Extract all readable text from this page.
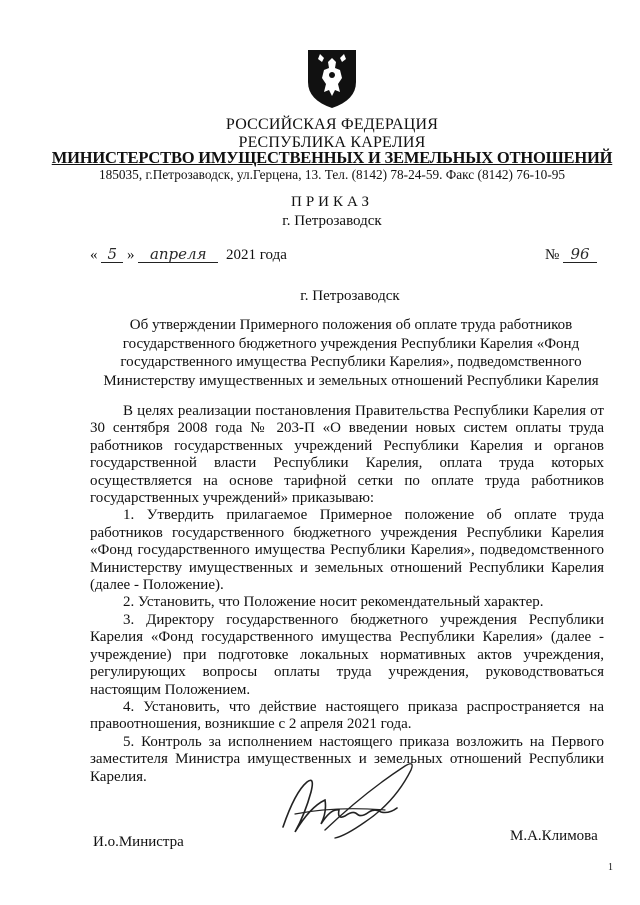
РОССИЙСКАЯ ФЕДЕРАЦИЯ
РЕСПУБЛИКА КАРЕЛИЯ
МИНИСТЕРСТВО ИМУЩЕСТВЕННЫХ И ЗЕМЕЛЬНЫХ ОТНОШЕНИЙ
185035, г.Петрозаводск, ул.Герцена, 13. Тел. (8142) 78-24-59. Факс (8142) 76-10-95
ПРИКАЗ
г. Петрозаводск
« 5 » апреля 2021 года	№ 96
г. Петрозаводск
Об утверждении Примерного положения об оплате труда работников государственного бюджетного учреждения Республики Карелия «Фонд государственного имущества Республики Карелия», подведомственного Министерству имущественных и земельных отношений Республики Карелия

В целях реализации постановления Правительства Республики Карелия от 30 сентября 2008 года № 203-П «О введении новых систем оплаты труда работников государственных учреждений Республики Карелия и органов государственной власти Республики Карелия, оплата труда которых осуществляется на основе тарифной сетки по оплате труда работников государственных учреждений» приказываю:

1. Утвердить прилагаемое Примерное положение об оплате труда работников государственного бюджетного учреждения Республики Карелия «Фонд государственного имущества Республики Карелия», подведомственного Министерству имущественных и земельных отношений Республики Карелия (далее - Положение).

2. Установить, что Положение носит рекомендательный характер.

3. Директору государственного бюджетного учреждения Республики Карелия «Фонд государственного имущества Республики Карелия» (далее - учреждение) при подготовке локальных нормативных актов учреждения, регулирующих вопросы оплаты труда учреждения, руководствоваться настоящим Положением.

4. Установить, что действие настоящего приказа распространяется на правоотношения, возникшие с 2 апреля 2021 года.

5. Контроль за исполнением настоящего приказа возложить на Первого заместителя Министра имущественных и земельных отношений Республики Карелия.

И.о.Министра	М.А.Климова
1
